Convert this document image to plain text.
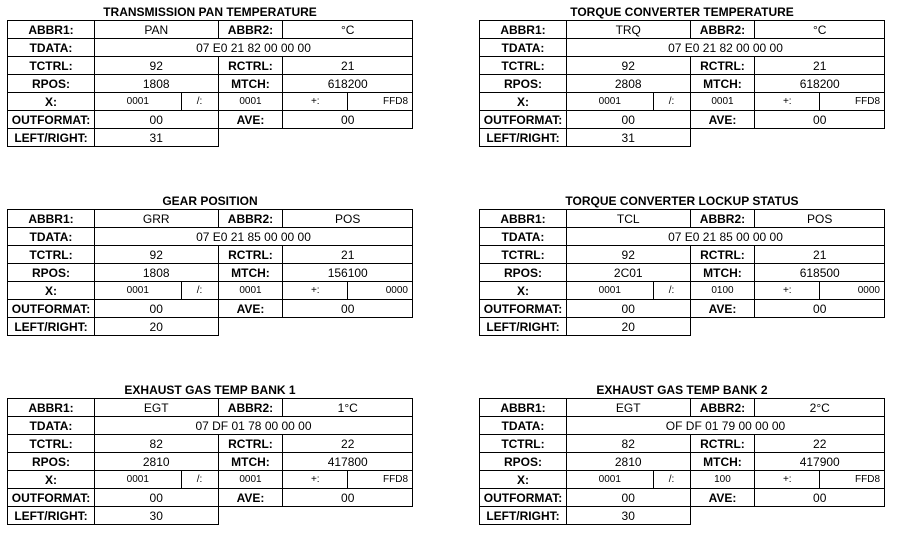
TRANSMISSION PAN TEMPERATURE
ABBR1:	PAN		ABBR2:	°C	
TDATA:	07 E0 21 82 00 00 00				
TCTRL:	92		RCTRL:	21	
RPOS:	1808		MTCH:	618200	
X:	0001	/:	0001	+:	FFD8
OUTFORMAT:	00		AVE:	00	
LEFT/RIGHT:	31				
TORQUE CONVERTER TEMPERATURE
ABBR1:	TRQ		ABBR2:	°C	
TDATA:	07 E0 21 82 00 00 00				
TCTRL:	92		RCTRL:	21	
RPOS:	2808		MTCH:	618200	
X:	0001	/:	0001	+:	FFD8
OUTFORMAT:	00		AVE:	00	
LEFT/RIGHT:	31				
GEAR POSITION
ABBR1:	GRR		ABBR2:	POS	
TDATA:	07 E0 21 85 00 00 00				
TCTRL:	92		RCTRL:	21	
RPOS:	1808		MTCH:	156100	
X:	0001	/:	0001	+:	0000
OUTFORMAT:	00		AVE:	00	
LEFT/RIGHT:	20				
TORQUE CONVERTER LOCKUP STATUS
ABBR1:	TCL		ABBR2:	POS	
TDATA:	07 E0 21 85 00 00 00				
TCTRL:	92		RCTRL:	21	
RPOS:	2C01		MTCH:	618500	
X:	0001	/:	0100	+:	0000
OUTFORMAT:	00		AVE:	00	
LEFT/RIGHT:	20				
EXHAUST GAS TEMP BANK 1
ABBR1:	EGT		ABBR2:	1°C	
TDATA:	07 DF 01 78 00 00 00				
TCTRL:	82		RCTRL:	22	
RPOS:	2810		MTCH:	417800	
X:	0001	/:	0001	+:	FFD8
OUTFORMAT:	00		AVE:	00	
LEFT/RIGHT:	30				
EXHAUST GAS TEMP BANK 2
ABBR1:	EGT		ABBR2:	2°C	
TDATA:	OF DF 01 79 00 00 00				
TCTRL:	82		RCTRL:	22	
RPOS:	2810		MTCH:	417900	
X:	0001	/:	100	+:	FFD8
OUTFORMAT:	00		AVE:	00	
LEFT/RIGHT:	30				
